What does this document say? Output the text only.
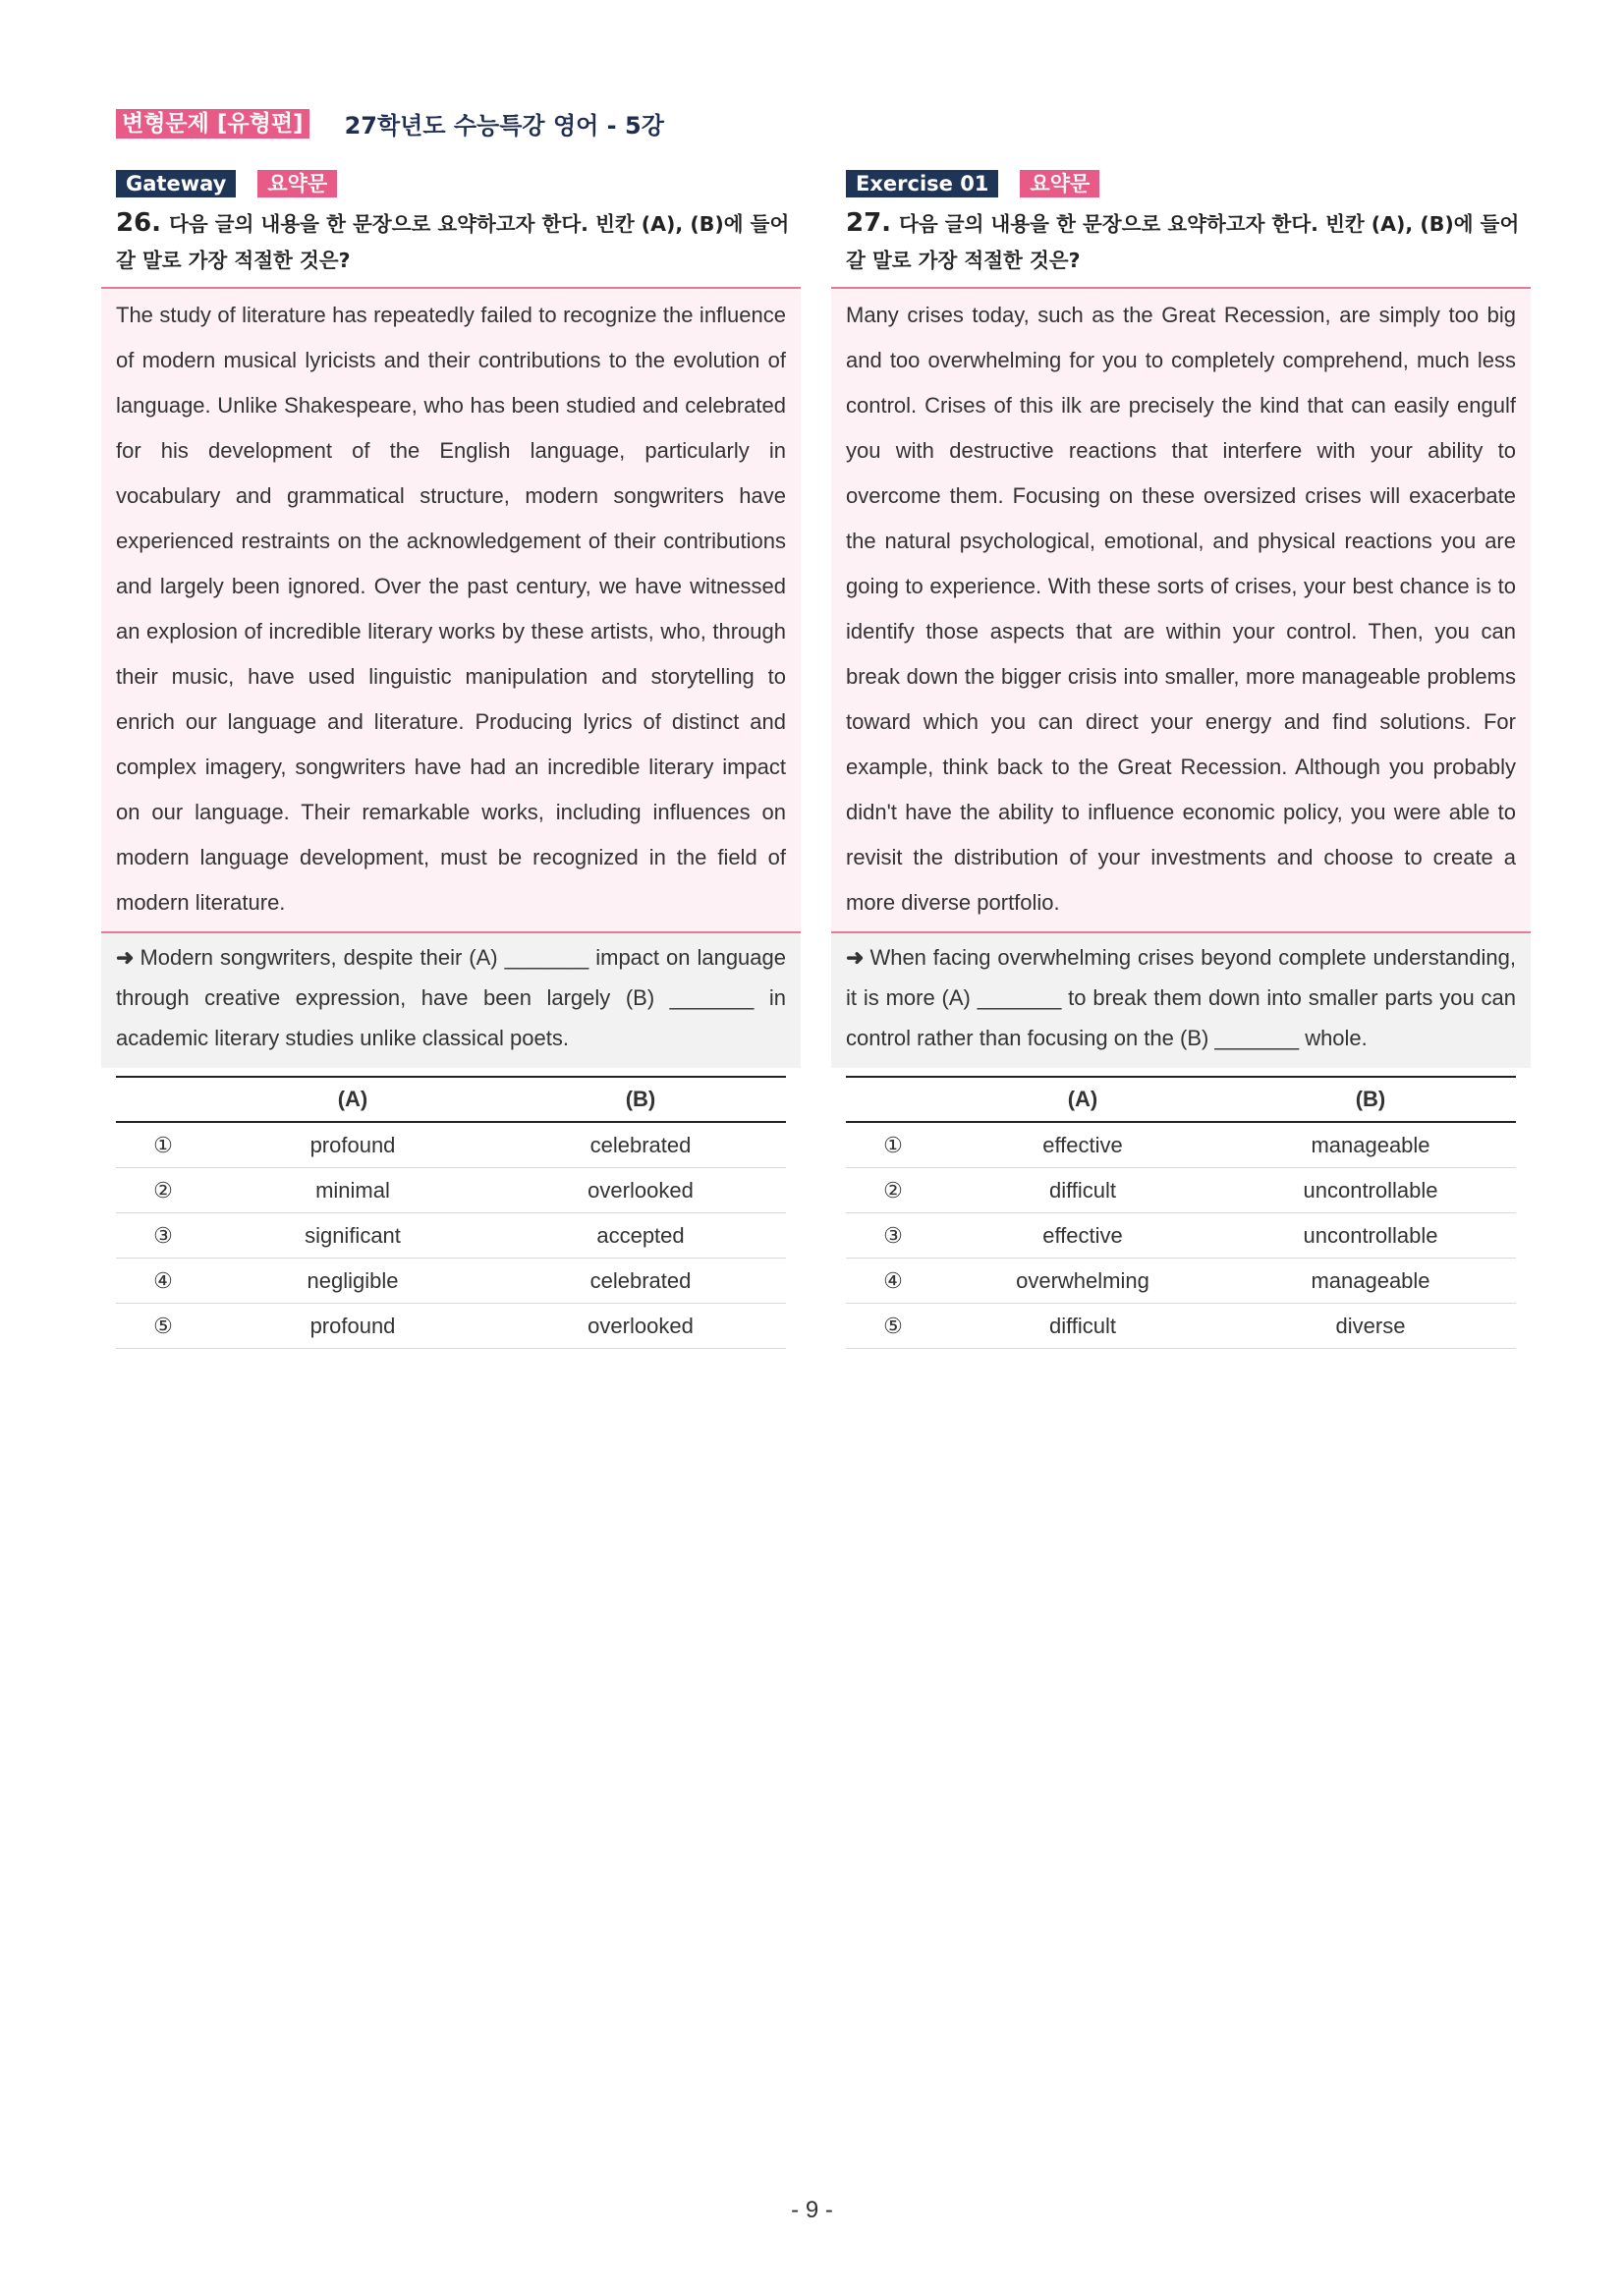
변형문제 [유형편] 27학년도 수능특강 영어 - 5강
Gateway	요약문
26. 다음 글의 내용을 한 문장으로 요약하고자 한다. 빈칸 (A), (B)에 들어갈 말로 가장 적절한 것은?
The study of literature has repeatedly failed to recognize the influence of modern musical lyricists and their contributions to the evolution of language. Unlike Shakespeare, who has been studied and celebrated for his development of the English language, particularly in vocabulary and grammatical structure, modern songwriters have experienced restraints on the acknowledgement of their contributions and largely been ignored. Over the past century, we have witnessed an explosion of incredible literary works by these artists, who, through their music, have used linguistic manipulation and storytelling to enrich our language and literature. Producing lyrics of distinct and complex imagery, songwriters have had an incredible literary impact on our language. Their remarkable works, including influences on modern language development, must be recognized in the field of modern literature.
➜ Modern songwriters, despite their (A) _______ impact on language through creative expression, have been largely (B) _______ in academic literary studies unlike classical poets.
	(A)	(B)
①	profound	celebrated
②	minimal	overlooked
③	significant	accepted
④	negligible	celebrated
⑤	profound	overlooked
Exercise 01	요약문
27. 다음 글의 내용을 한 문장으로 요약하고자 한다. 빈칸 (A), (B)에 들어갈 말로 가장 적절한 것은?
Many crises today, such as the Great Recession, are simply too big and too overwhelming for you to completely comprehend, much less control. Crises of this ilk are precisely the kind that can easily engulf you with destructive reactions that interfere with your ability to overcome them. Focusing on these oversized crises will exacerbate the natural psychological, emotional, and physical reactions you are going to experience. With these sorts of crises, your best chance is to identify those aspects that are within your control. Then, you can break down the bigger crisis into smaller, more manageable problems toward which you can direct your energy and find solutions. For example, think back to the Great Recession. Although you probably didn't have the ability to influence economic policy, you were able to revisit the distribution of your investments and choose to create a more diverse portfolio.
➜ When facing overwhelming crises beyond complete understanding, it is more (A) _______ to break them down into smaller parts you can control rather than focusing on the (B) _______ whole.
	(A)	(B)
①	effective	manageable
②	difficult	uncontrollable
③	effective	uncontrollable
④	overwhelming	manageable
⑤	difficult	diverse
- 9 -
